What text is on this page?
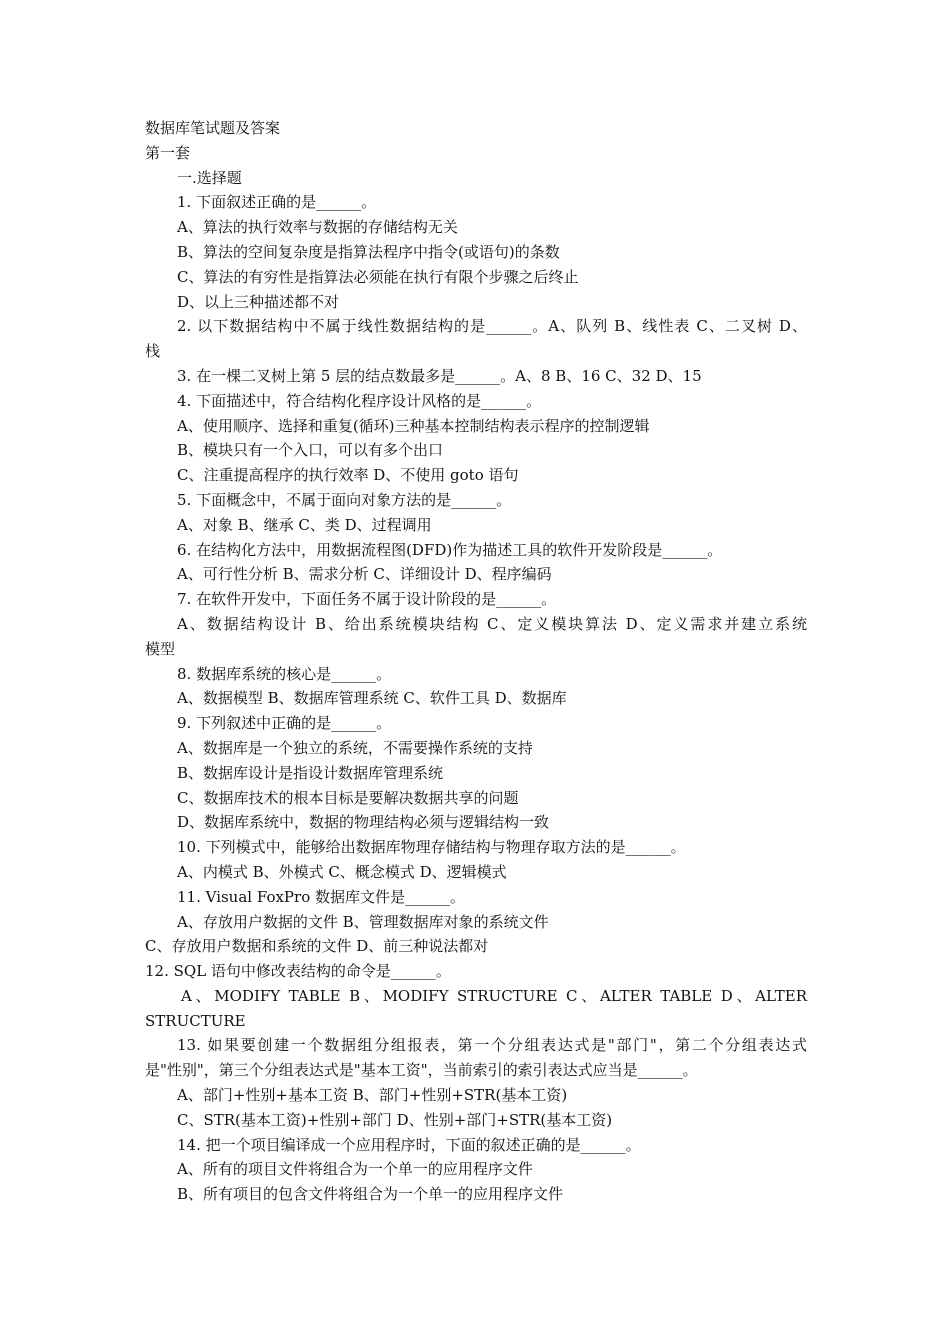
数据库笔试题及答案
第一套
一.选择题
1. 下面叙述正确的是______。
A、算法的执行效率与数据的存储结构无关
B、算法的空间复杂度是指算法程序中指令(或语句)的条数
C、算法的有穷性是指算法必须能在执行有限个步骤之后终止
D、以上三种描述都不对
2. 以下数据结构中不属于线性数据结构的是______。A、队列 B、线性表 C、二叉树 D、
栈
3. 在一棵二叉树上第 5 层的结点数最多是______。A、8 B、16 C、32 D、15
4. 下面描述中，符合结构化程序设计风格的是______。
A、使用顺序、选择和重复(循环)三种基本控制结构表示程序的控制逻辑
B、模块只有一个入口，可以有多个出口
C、注重提高程序的执行效率 D、不使用 goto 语句
5. 下面概念中，不属于面向对象方法的是______。
A、对象 B、继承 C、类 D、过程调用
6. 在结构化方法中，用数据流程图(DFD)作为描述工具的软件开发阶段是______。
A、可行性分析 B、需求分析 C、详细设计 D、程序编码
7. 在软件开发中，下面任务不属于设计阶段的是______。
A、数据结构设计 B、给出系统模块结构 C、定义模块算法 D、定义需求并建立系统
模型
8. 数据库系统的核心是______。
A、数据模型 B、数据库管理系统 C、软件工具 D、数据库
9. 下列叙述中正确的是______。
A、数据库是一个独立的系统，不需要操作系统的支持
B、数据库设计是指设计数据库管理系统
C、数据库技术的根本目标是要解决数据共享的问题
D、数据库系统中，数据的物理结构必须与逻辑结构一致
10. 下列模式中，能够给出数据库物理存储结构与物理存取方法的是______。
A、内模式 B、外模式 C、概念模式 D、逻辑模式
11. Visual FoxPro 数据库文件是______。
A、存放用户数据的文件 B、管理数据库对象的系统文件
C、存放用户数据和系统的文件 D、前三种说法都对
12. SQL 语句中修改表结构的命令是______。
A、MODIFY TABLE B、MODIFY STRUCTURE C、ALTER TABLE D、ALTER
STRUCTURE
13. 如果要创建一个数据组分组报表，第一个分组表达式是"部门"，第二个分组表达式
是"性别"，第三个分组表达式是"基本工资"，当前索引的索引表达式应当是______。
A、部门+性别+基本工资 B、部门+性别+STR(基本工资)
C、STR(基本工资)+性别+部门 D、性别+部门+STR(基本工资)
14. 把一个项目编译成一个应用程序时，下面的叙述正确的是______。
A、所有的项目文件将组合为一个单一的应用程序文件
B、所有项目的包含文件将组合为一个单一的应用程序文件
